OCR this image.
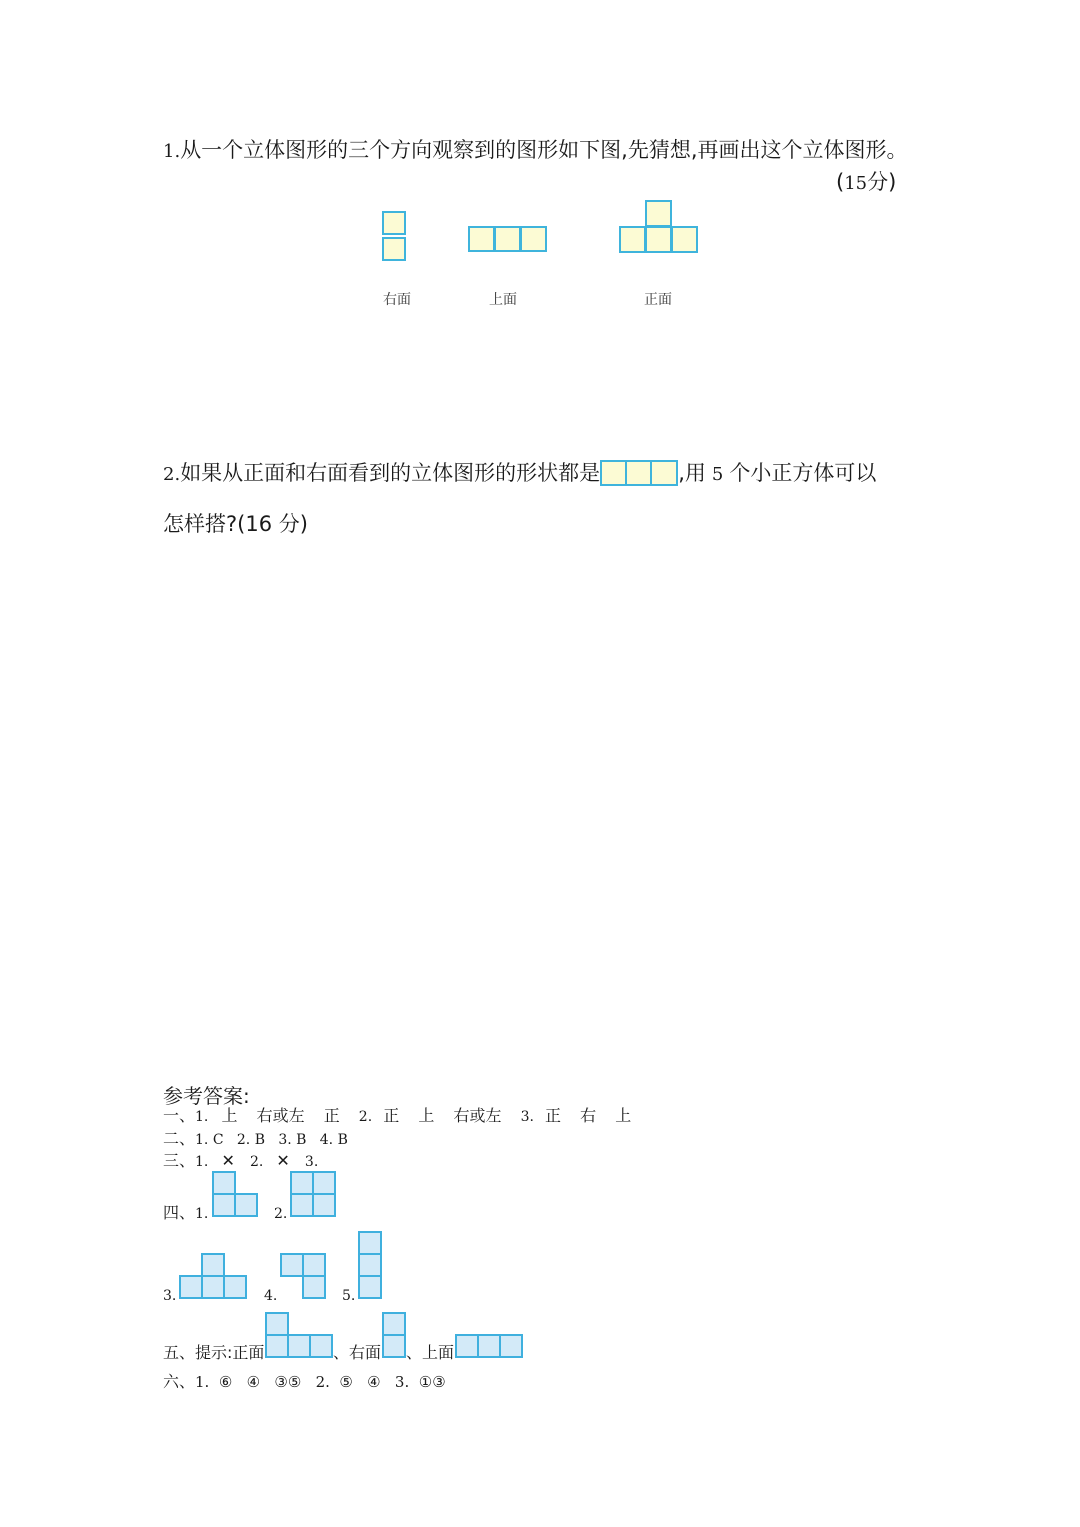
1.从一个立体图形的三个方向观察到的图形如下图,先猜想,再画出这个立体图形。
(15分)
右面	上面	正面
2.如果从正面和右面看到的立体图形的形状都是	,用 5 个小正方体可以
怎样搭?(16 分)
参考答案:
一、1. 上 右或左 正 2. 正 上 右或左 3. 正 右 上
二、1. C   2. B   3. B   4. B
三、1. ✕ 2. ✕ 3.
四、1.	2.
3.	4.	5.
五、提示:正面	、右面 、上面
六、1.  ⑥   ④   ③⑤   2.  ⑤   ④   3.  ①③
